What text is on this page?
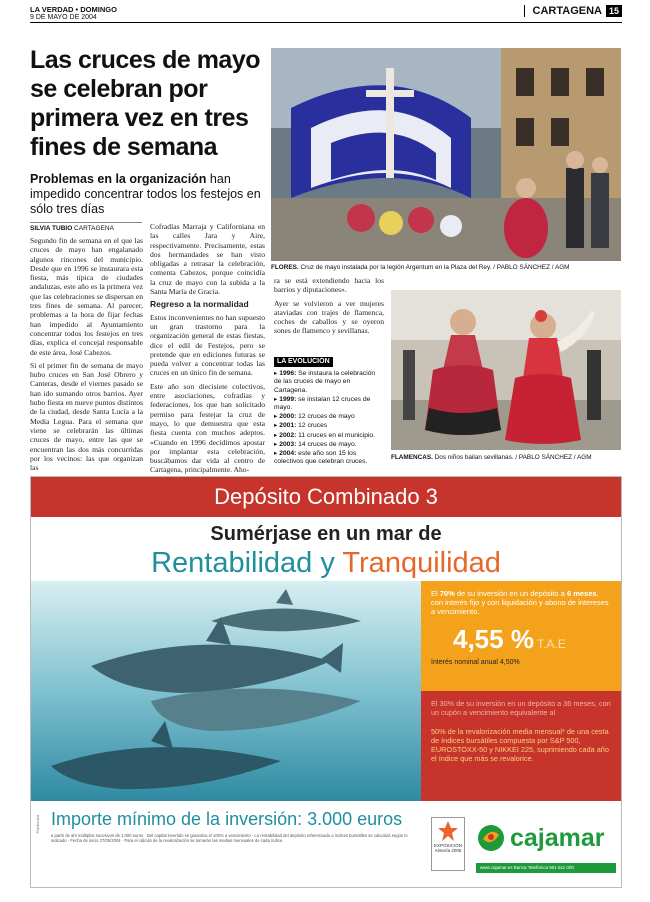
LA VERDAD • DOMINGO
9 DE MAYO DE 2004
CARTAGENA 15
Las cruces de mayo se celebran por primera vez en tres fines de semana
Problemas en la organización han impedido concentrar todos los festejos en sólo tres días
SILVIA TUBIO CARTAGENA

Segundo fin de semana en el que las cruces de mayo han engalanado algunos rincones del municipio. Desde que en 1996 se instaurara esta fiesta, más típica de ciudades andaluzas, este año es la primera vez que las celebraciones se dispersan en tres fines de semana. Al parecer, problemas a la hora de fijar fechas han impedido al Ayuntamiento concentrar todos los festejos en tres días, explica el concejal responsable de este área, José Cabezos.

Si el primer fin de semana de mayo hubo cruces en San José Obrero y Canteras, desde el viernes pasado se han ido sumando otros barrios. Ayer hubo fiesta en nueve puntos distintos de la ciudad, desde Santa Lucía a la Media Legua. Para el semana que viene se celebrarán las últimas cruces de mayo, entre las que se encuentran las dos más concurridas por los vecinos: las que organizan las

Cofradías Marraja y Californiana en las calles Jara y Aire, respectivamente. Precisamente, estas dos hermandades se han visto obligadas a retrasar la celebración, comenta Cabezos, porque coincidía la cruz de mayo con la subida a la Santa María de Gracia.

Regreso a la normalidad

Estos inconvenientes no han supuesto un gran trastorno para la organización general de estas fiestas, dice el edil de Festejos, pero se pretende que en ediciones futuras se pueda volver a concentrar todas las cruces en un único fin de semana.

Este año son diecisiete colectivos, entre asociaciones, cofradías y federaciones, los que han solicitado permiso para festejar la cruz de mayo, lo que demuestra que esta fiesta cuenta con muchos adeptos. «Cuando en 1996 decidimos apostar por implantar esta celebración, buscábamos dar vida al centro de Cartagena, principalmente. Aho-

ra se está extendiendo hacia los barrios y diputaciones».

Ayer se volvieron a ver mujeres ataviadas con trajes de flamenca, coches de caballos y se oyeron sones de flamenco y sevillanas.

FLORES. Cruz de mayo instalada por la legión Argentum en la Plaza del Rey. / PABLO SÁNCHEZ / AGM
FLAMENCAS. Dos niños bailan sevillanas. / PABLO SÁNCHEZ / AGM
LA EVOLUCIÓN
▸ 1996: Se instaura la celebración de las cruces de mayo en Cartagena.
▸ 1999: se instalan 12 cruces de mayo.
▸ 2000: 12 cruces de mayo
▸ 2001: 12 cruces
▸ 2002: 11 cruces en el municipio.
▸ 2003: 14 cruces de mayo.
▸ 2004: este año son 15 los colectivos que celebran cruces.
Depósito Combinado 3
Sumérjase en un mar de
Rentabilidad y Tranquilidad
El 70% de su inversión en un depósito a 6 meses, con interés fijo y con liquidación y abono de intereses a vencimiento.
4,55 % T.A.E
Interés nominal anual 4,50%
El 30% de su inversión en un depósito a 36 meses, con un cupón a vencimiento equivalente al
50% de la revalorización media mensual* de una cesta de índices bursátiles compuesta por S&P 500, EUROSTOXX-50 y NIKKEI 225, suprimiendo cada año el índice que más se revalorice.
Importe mínimo de la inversión: 3.000 euros
a partir de ahí múltiplos sucesivos de 1.000 euros · Del capital invertido se garantiza el 100% a vencimiento · La rentabilidad del depósito referenciado a índices bursátiles se calculará según lo indicado · Fecha de inicio 27/05/2004 · Para el cálculo de la revalorización se tomarán las medias mensuales de cada índice.
Publicidad
EXPOSICIÓN Almería 2005 cajamar
www.cajamar.es Banca Telefónica 901 511 000
